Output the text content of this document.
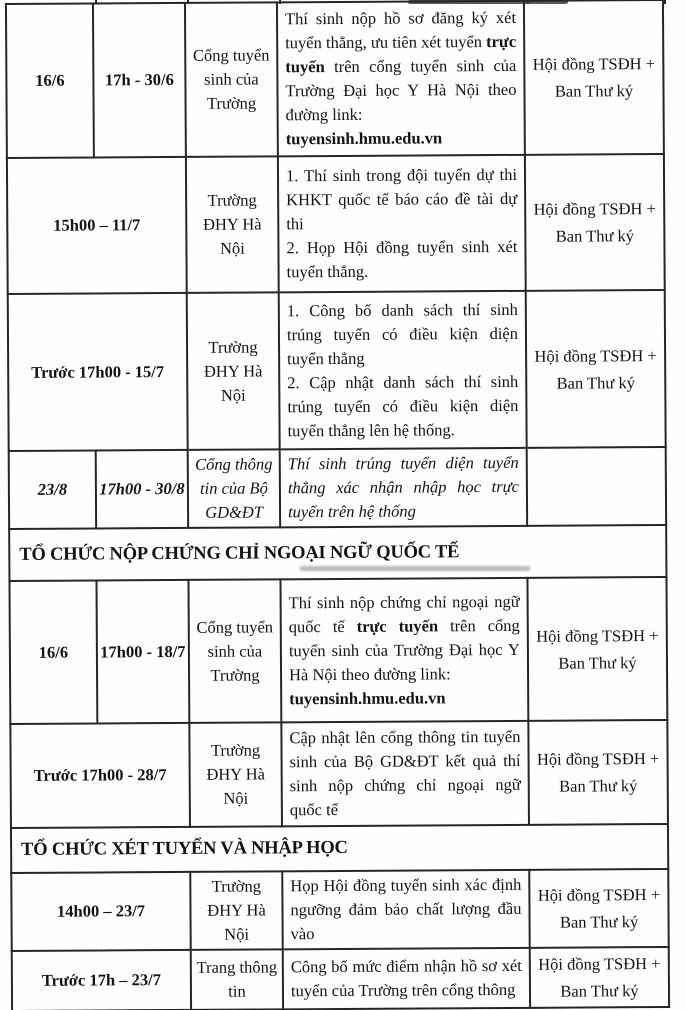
16/6	17h - 30/6	Cổng tuyển sinh của Trường	Thí sinh nộp hồ sơ đăng ký xét tuyển thẳng, ưu tiên xét tuyển trực tuyến trên cổng tuyển sinh của Trường Đại học Y Hà Nội theo đường link:
tuyensinh.hmu.edu.vn	Hội đồng TSĐH + Ban Thư ký
15h00 – 11/7		Trường ĐHY Hà Nội	1. Thí sinh trong đội tuyển dự thi KHKT quốc tế báo cáo đề tài dự thi
2. Họp Hội đồng tuyển sinh xét tuyển thẳng.	Hội đồng TSĐH + Ban Thư ký
Trước 17h00 - 15/7		Trường ĐHY Hà Nội	1. Công bố danh sách thí sinh trúng tuyển có điều kiện diện tuyển thẳng
2. Cập nhật danh sách thí sinh trúng tuyển có điều kiện diện tuyển thẳng lên hệ thống.	Hội đồng TSĐH + Ban Thư ký
23/8	17h00 - 30/8	Cổng thông tin của Bộ GD&ĐT	Thí sinh trúng tuyển diện tuyển thẳng xác nhận nhập học trực tuyến trên hệ thống	
TỔ CHỨC NỘP CHỨNG CHỈ NGOẠI NGỮ QUỐC TẾ				
16/6	17h00 - 18/7	Cổng tuyển sinh của Trường	Thí sinh nộp chứng chỉ ngoại ngữ quốc tế trực tuyến trên cổng tuyển sinh của Trường Đại học Y Hà Nội theo đường link:
tuyensinh.hmu.edu.vn	Hội đồng TSĐH + Ban Thư ký
Trước 17h00 - 28/7		Trường ĐHY Hà Nội	Cập nhật lên cổng thông tin tuyển sinh của Bộ GD&ĐT kết quả thí sinh nộp chứng chỉ ngoại ngữ quốc tế	Hội đồng TSĐH + Ban Thư ký
TỔ CHỨC XÉT TUYỂN VÀ NHẬP HỌC				
14h00 – 23/7		Trường ĐHY Hà Nội	Họp Hội đồng tuyển sinh xác định ngưỡng đảm bảo chất lượng đầu vào	Hội đồng TSĐH + Ban Thư ký
Trước 17h – 23/7		Trang thông tin	Công bố mức điểm nhận hồ sơ xét tuyển của Trường trên cổng thông	Hội đồng TSĐH + Ban Thư ký
